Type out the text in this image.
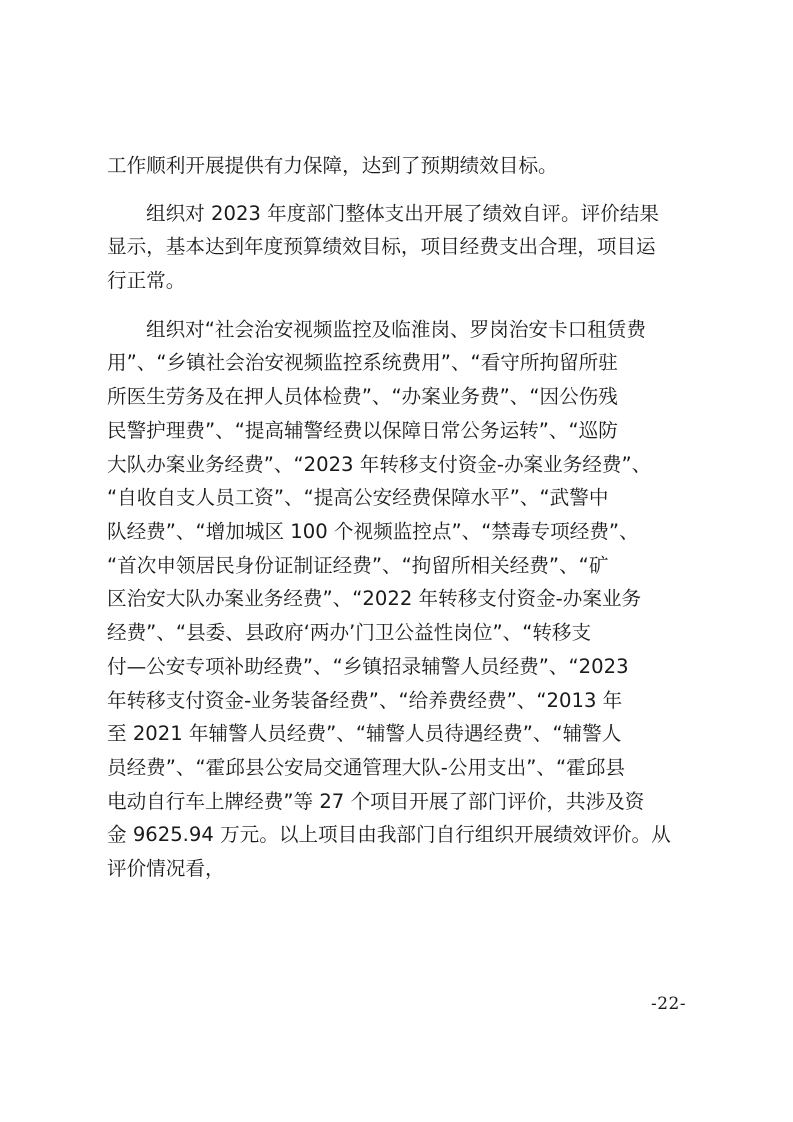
工作顺利开展提供有力保障，达到了预期绩效目标。
组织对 2023 年度部门整体支出开展了绩效自评。评价结果
显示，基本达到年度预算绩效目标，项目经费支出合理，项目运
行正常。
组织对“社会治安视频监控及临淮岗、罗岗治安卡口租赁费
用”、“乡镇社会治安视频监控系统费用”、“看守所拘留所驻
所医生劳务及在押人员体检费”、“办案业务费”、“因公伤残
民警护理费”、“提高辅警经费以保障日常公务运转”、“巡防
大队办案业务经费”、“2023 年转移支付资金-办案业务经费”、
“自收自支人员工资”、“提高公安经费保障水平”、“武警中
队经费”、“增加城区 100 个视频监控点”、“禁毒专项经费”、
“首次申领居民身份证制证经费”、“拘留所相关经费”、“矿
区治安大队办案业务经费”、“2022 年转移支付资金-办案业务
经费”、“县委、县政府‘两办’门卫公益性岗位”、“转移支
付—公安专项补助经费”、“乡镇招录辅警人员经费”、“2023
年转移支付资金-业务装备经费”、“给养费经费”、“2013 年
至 2021 年辅警人员经费”、“辅警人员待遇经费”、“辅警人
员经费”、“霍邱县公安局交通管理大队-公用支出”、“霍邱县
电动自行车上牌经费”等 27 个项目开展了部门评价，共涉及资
金 9625.94 万元。以上项目由我部门自行组织开展绩效评价。从
评价情况看，
-22-
